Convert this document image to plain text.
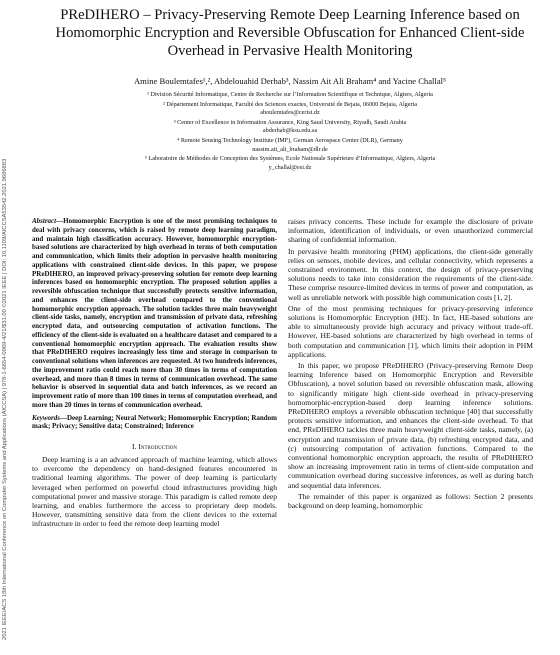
2021 IEEE/ACS 18th International Conference on Computer Systems and Applications (AICCSA) | 978-1-6654-0969-4/21/$31.00 ©2021 IEEE | DOI: 10.1109/AICCSA53542.2021.9686883
PReDIHERO – Privacy-Preserving Remote Deep Learning Inference based on Homomorphic Encryption and Reversible Obfuscation for Enhanced Client-side Overhead in Pervasive Health Monitoring
Amine Boulemtafes¹,², Abdelouahid Derhab³, Nassim Ait Ali Braham⁴ and Yacine Challal⁵
¹ Division Sécurité Informatique, Centre de Recherche sur l’Information Scientifique et Technique, Algiers, Algeria
² Département Informatique, Faculté des Sciences exactes, Université de Bejaia, 06000 Bejaia, Algeria
aboulemtafes@cerist.dz
³ Center of Excellence in Information Assurance, King Saud University, Riyadh, Saudi Arabia
abderhab@ksu.edu.sa
⁴ Remote Sensing Technology Institute (IMF), German Aerospace Center (DLR), Germany
nassim.ait_ali_braham@dlr.de
⁵ Laboratoire de Méthodes de Conception des Systèmes, Ecole Nationale Supérieure d’Informatique, Algiers, Algeria
y_challal@esi.dz

Abstract—Homomorphic Encryption is one of the most promising techniques to deal with privacy concerns, which is raised by remote deep learning paradigm, and maintain high classification accuracy. However, homomorphic encryption-based solutions are characterized by high overhead in terms of both computation and communication, which limits their adoption in pervasive health monitoring applications with constrained client-side devices. In this paper, we propose PReDIHERO, an improved privacy-preserving solution for remote deep learning inferences based on homomorphic encryption. The proposed solution applies a reversible obfuscation technique that successfully protects sensitive information, and enhances the client-side overhead compared to the conventional homomorphic encryption approach. The solution tackles three main heavyweight client-side tasks, namely, encryption and transmission of private data, refreshing encrypted data, and outsourcing computation of activation functions. The efficiency of the client-side is evaluated on a healthcare dataset and compared to a conventional homomorphic encryption approach. The evaluation results show that PReDIHERO requires increasingly less time and storage in comparison to conventional solutions when inferences are requested. At two hundreds inferences, the improvement ratio could reach more than 30 times in terms of computation overhead, and more than 8 times in terms of communication overhead. The same behavior is observed in sequential data and batch inferences, as we record an improvement ratio of more than 100 times in terms of computation overhead, and more than 20 times in terms of communication overhead.

Keywords—Deep Learning; Neural Network; Homomorphic Encryption; Random mask; Privacy; Sensitive data; Constrained; Inference

I. Introduction

Deep learning is a an advanced approach of machine learning, which allows to overcome the dependency on hand-designed features encountered in traditional learning algorithms. The power of deep learning is particularly leveraged when performed on powerful cloud infrastructures providing high computational power and massive storage. This paradigm is called remote deep learning, and enables furthermore the access to proprietary deep models. However, transmitting sensitive data from the client devices to the external infrastructure in order to feed the remote deep learning model

raises privacy concerns. These include for example the disclosure of private information, identification of individuals, or even unauthorized commercial sharing of confidential information.

In pervasive health monitoring (PHM) applications, the client-side generally relies on sensors, mobile devices, and cellular connectivity, which represents a constrained environment. In this context, the design of privacy-preserving solutions needs to take into consideration the requirements of the client-side. These comprise resource-limited devices in terms of power and computation, as well as unreliable network with possible high communication costs [1, 2].

One of the most promising techniques for privacy-preserving inference solutions is Homomorphic Encryption (HE). In fact, HE-based solutions are able to simultaneously provide high accuracy and privacy without trade-off. However, HE-based solutions are characterized by high overhead in terms of both computation and communication [1], which limits their adoption in PHM applications.

In this paper, we propose PReDIHERO (Privacy-preserving Remote Deep learning Inference based on Homomorphic Encryption and Reversible Obfuscation), a novel solution based on reversible obfuscation mask, allowing to significantly mitigate high client-side overhead in privacy-preserving homomorphic-encryption-based deep learning inference solutions. PReDIHERO employs a reversible obfuscation technique [40] that successfully protects sensitive information, and enhances the client-side overhead. To that end, PReDIHERO tackles three main heavyweight client-side tasks, namely, (a) encryption and transmission of private data, (b) refreshing encrypted data, and (c) outsourcing computation of activation functions. Compared to the conventional homomorphic encryption approach, the results of PReDIHERO show an increasing improvement ratio in terms of client-side computation and communication overhead during successive inferences, as well as during batch and sequential data inferences.

The remainder of this paper is organized as follows: Section 2 presents background on deep learning, homomorphic
